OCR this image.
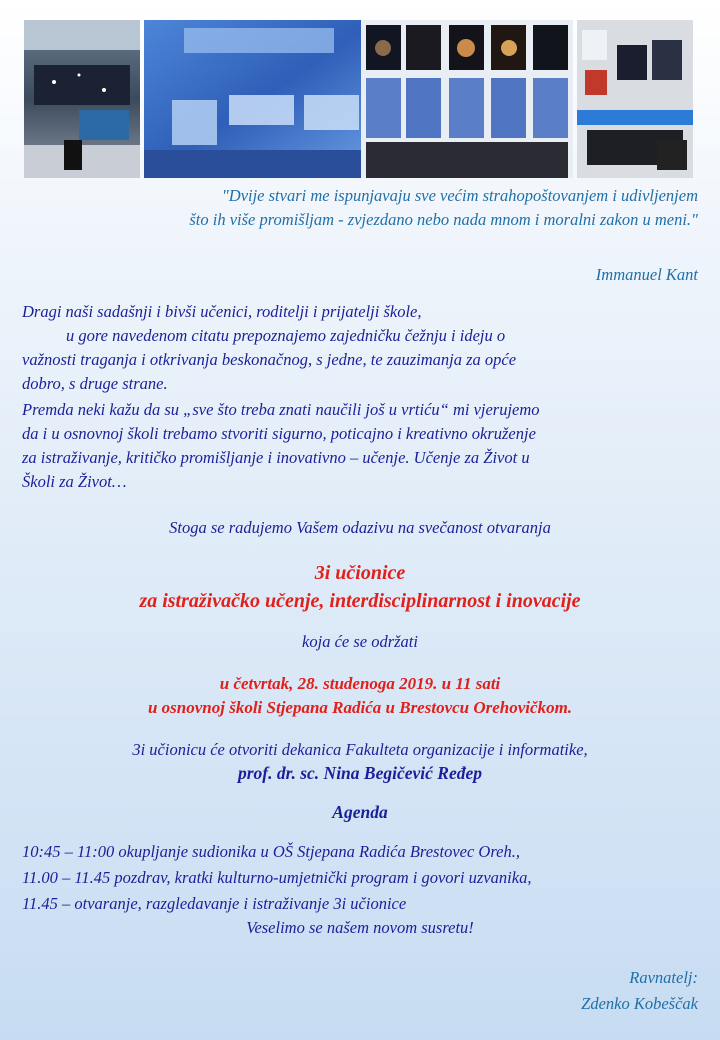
"Dvije stvari me ispunjavaju sve većim strahopoštovanjem i udivljenjem

što ih više promišljam - zvjezdano nebo nada mnom i moralni zakon u meni."

Immanuel Kant

Dragi naši sadašnji i bivši učenici, roditelji i prijatelji škole,

u gore navedenom citatu prepoznajemo zajedničku čežnju i ideju o

važnosti traganja i otkrivanja beskonačnog, s jedne, te zauzimanja za opće

dobro, s druge strane.

Premda neki kažu da su „sve što treba znati naučili još u vrtiću“ mi vjerujemo

da i u osnovnoj školi trebamo stvoriti sigurno, poticajno i kreativno okruženje

za istraživanje, kritičko promišljanje i inovativno – učenje. Učenje za Život u

Školi za Život…

Stoga se radujemo Vašem odazivu na svečanost otvaranja

3i učionice

za istraživačko učenje, interdisciplinarnost i inovacije

koja će se održati

u četvrtak, 28. studenoga 2019. u 11 sati

u osnovnoj školi Stjepana Radića u Brestovcu Orehovičkom.

3i učionicu će otvoriti dekanica Fakulteta organizacije i informatike,

prof. dr. sc. Nina Begičević Ređep

Agenda

10:45 – 11:00 okupljanje sudionika u OŠ Stjepana Radića Brestovec Oreh.,

11.00 – 11.45 pozdrav, kratki kulturno-umjetnički program i govori uzvanika,

11.45 – otvaranje, razgledavanje i istraživanje 3i učionice

Veselimo se našem novom susretu!

Ravnatelj:

Zdenko Kobeščak
